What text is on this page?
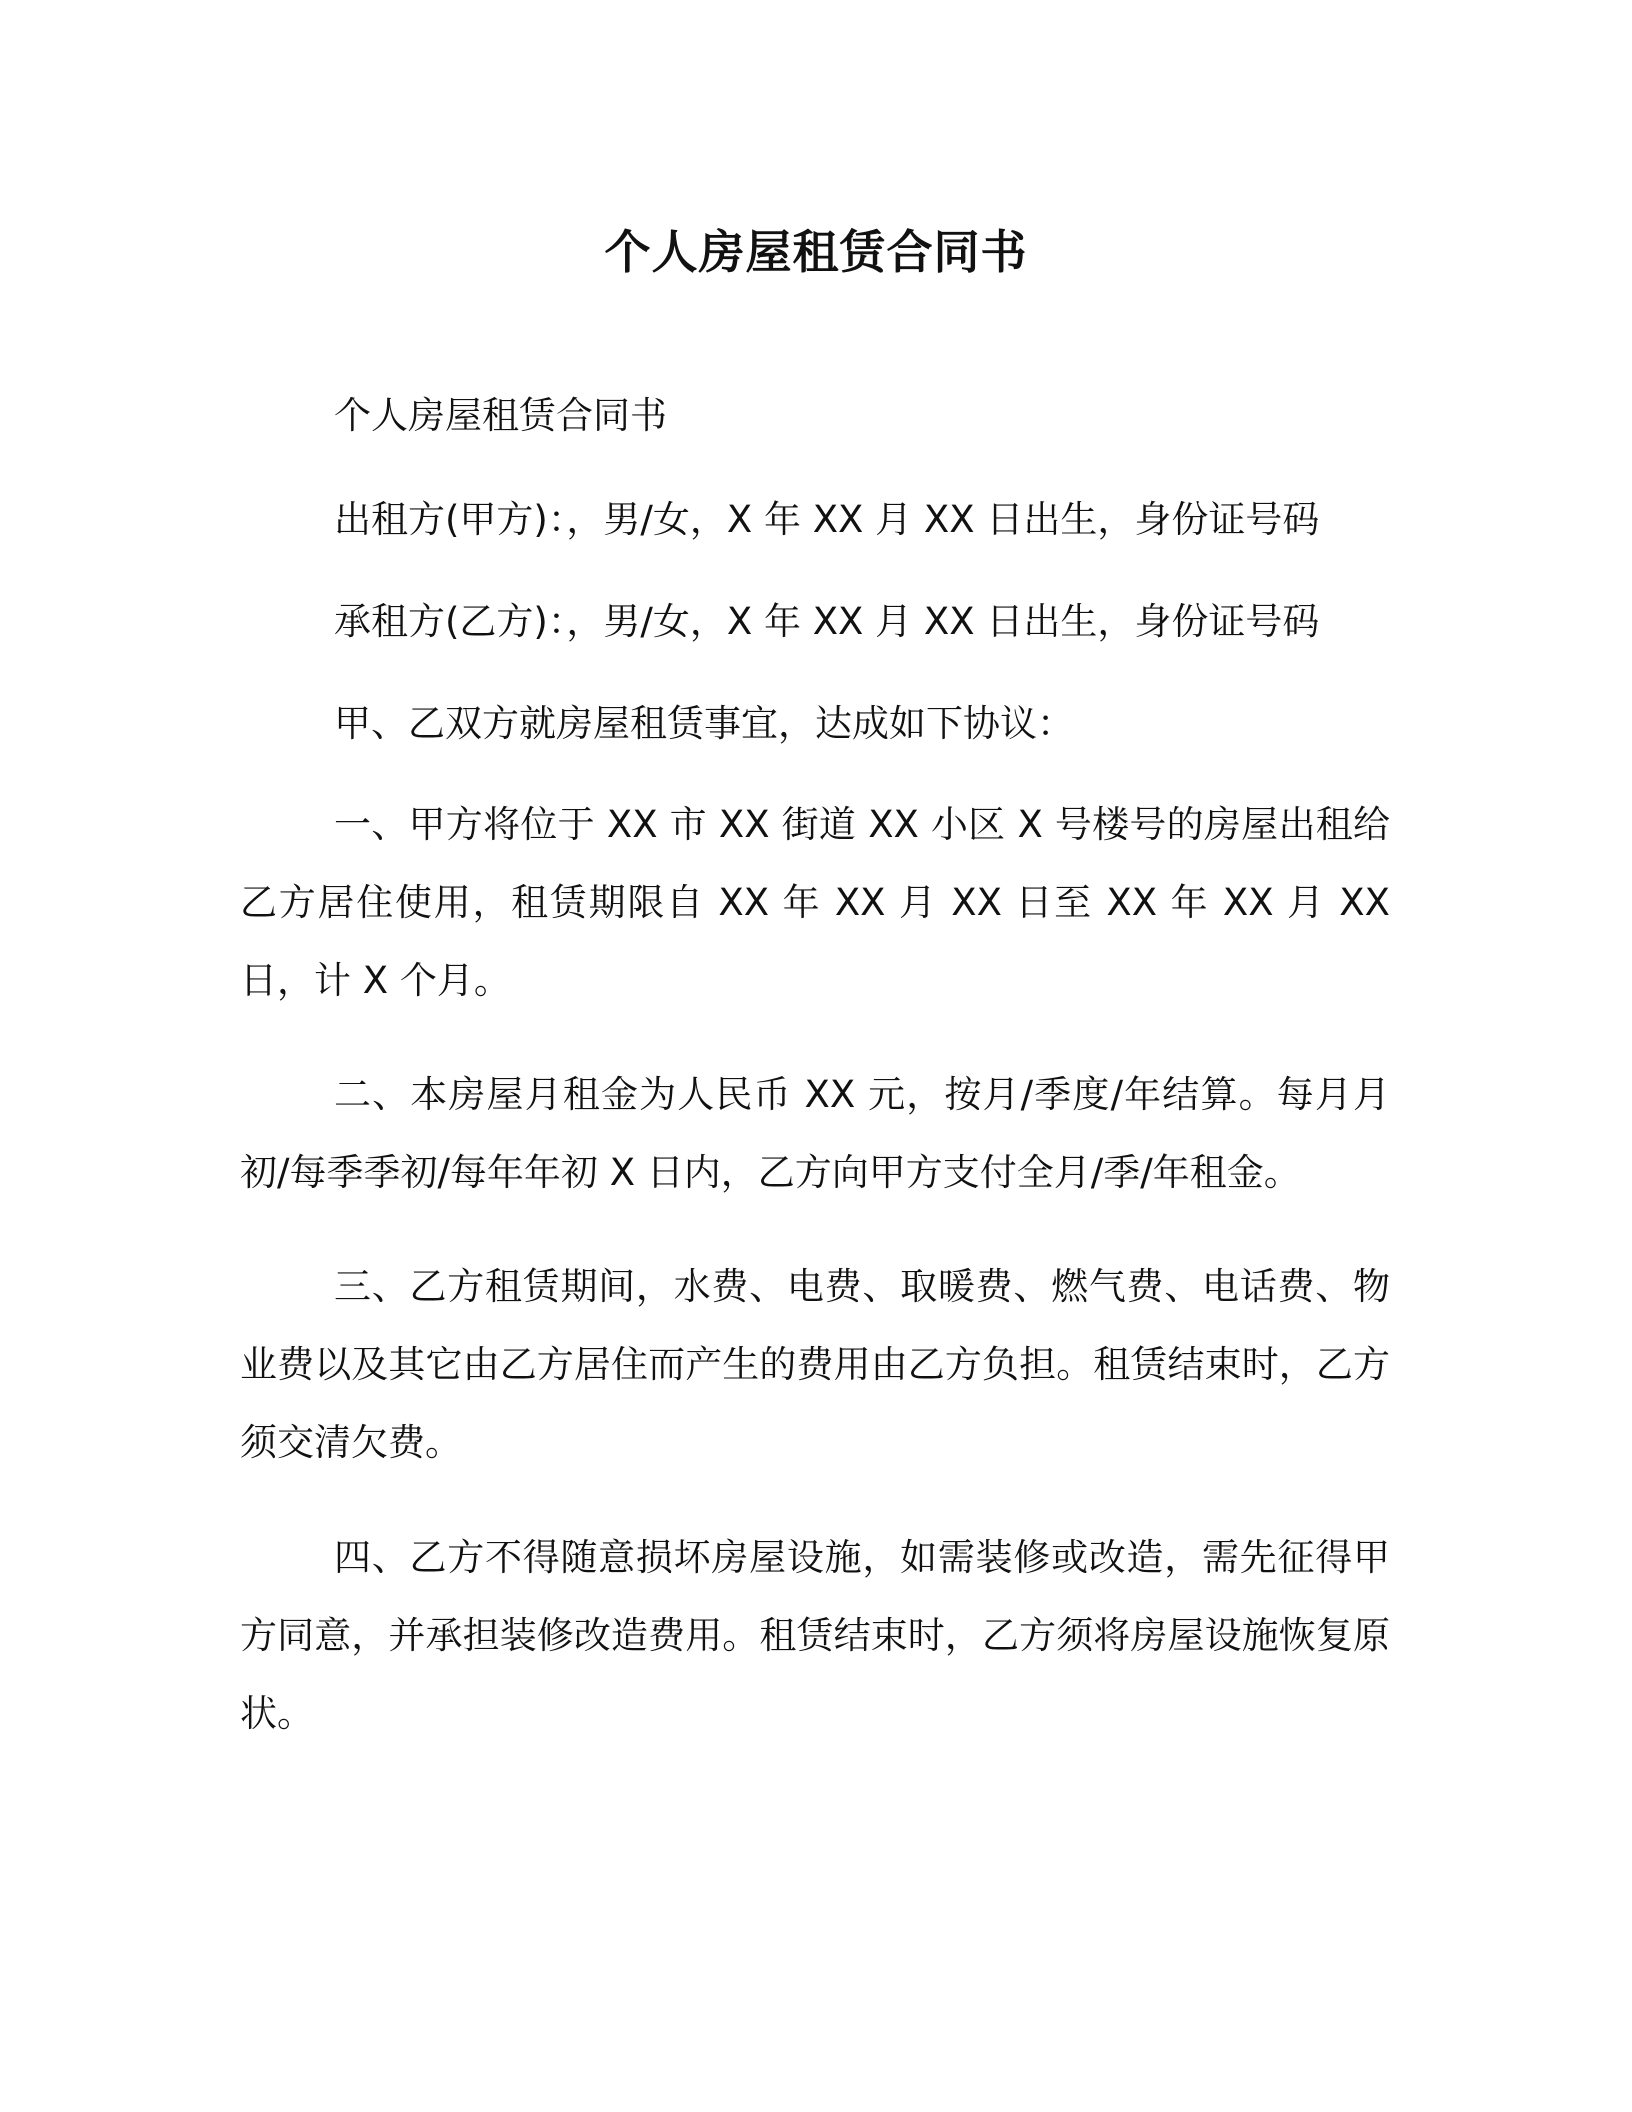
个人房屋租赁合同书

个人房屋租赁合同书

出租方(甲方)：，男/女，X 年 XX 月 XX 日出生，身份证号码

承租方(乙方)：，男/女，X 年 XX 月 XX 日出生，身份证号码

甲、乙双方就房屋租赁事宜，达成如下协议：

一、甲方将位于 XX 市 XX 街道 XX 小区 X 号楼号的房屋出租给乙方居住使用，租赁期限自 XX 年 XX 月 XX 日至 XX 年 XX 月 XX 日，计 X 个月。

二、本房屋月租金为人民币 XX 元，按月/季度/年结算。每月月初/每季季初/每年年初 X 日内，乙方向甲方支付全月/季/年租金。

三、乙方租赁期间，水费、电费、取暖费、燃气费、电话费、物业费以及其它由乙方居住而产生的费用由乙方负担。租赁结束时，乙方须交清欠费。

四、乙方不得随意损坏房屋设施，如需装修或改造，需先征得甲方同意，并承担装修改造费用。租赁结束时，乙方须将房屋设施恢复原状。
